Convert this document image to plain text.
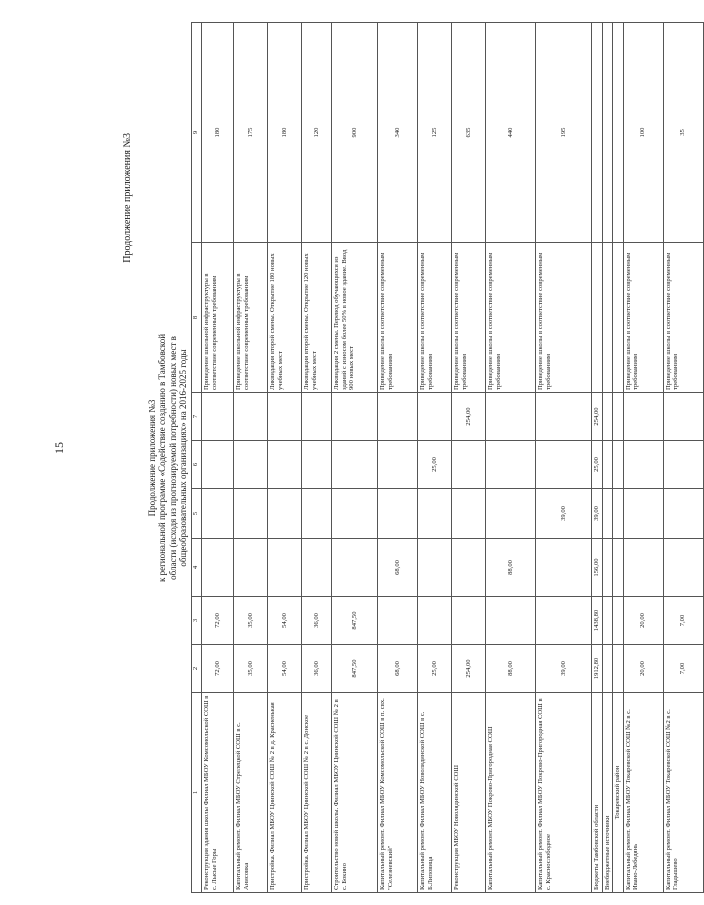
15
Продолжение приложения №3
Продолжение приложения №3 к региональной программе «Содействие созданию в Тамбовской области (исходя из прогнозируемой потребности) новых мест в общеобразовательных организациях» на 2016-2025 годы
1	2	3	4	5	6	7	8	9
Реконструкция здания школы Филиал МБОУ Комсомольской СОШ в с. Лысые Горы	72,00	72,00					Приведение школьной инфраструктуры в соответствие современным требованиям	180
Капитальный ремонт. Филиал МБОУ Стрелецкой СОШ в с. Анисовка	35,00	35,00					Приведение школьной инфраструктуры в соответствие современным требованиям	175
Пристройка. Филиал МБОУ Цнинской СОШ № 2 в д. Красненькая	54,00	54,00					Ликвидация второй смены. Открытие 180 новых учебных мест	180
Пристройка. Филиал МБОУ Цнинской СОШ № 2 в с. Донское	36,00	36,00					Ликвидация второй смены. Открытие 120 новых учебных мест	120
Строительство новой школы. Филиал МБОУ Цнинской СОШ № 2 в с. Бокино	847,50	847,50					Ликвидация 2 смены. Перевод обучающихся из зданий с износом более 50% в новое здание. Ввод 900 новых мест	900
Капитальный ремонт. Филиал МБОУ Комсомольской СОШ в п. свх. "Селезневский"	68,00		68,00				Приведение школы в соответствие современным требованиям	340
Капитальный ремонт. Филиал МБОУ Новолядинской СОШ в с. Б.Липовица	25,00				25,00		Приведение школы в соответствие современным требованиям	125
Реконструкция МБОУ Новолядинской СОШ	254,00					254,00	Приведение школы в соответствие современным требованиям	635
Капитальный ремонт. МБОУ Покрово-Пригородная СОШ	88,00		88,00				Приведение школы в соответствие современным требованиям	440
Капитальный ремонт. Филиал МБОУ Покрово-Пригородная СОШ в с. Краснослободное	39,00			39,00			Приведение школы в соответствие современным требованиям	195
Бюджеты Тамбовской области	1912,80	1438,80	156,00	39,00	25,00	254,00		
Внебюджетные источники								
Токаревский район								
Капитальный ремонт. Филиал МБОУ Токаревской СОШ №2 в с. Ивано-Лебедянь	20,00	20,00					Приведение школы в соответствие современным требованиям	100
Капитальный ремонт. Филиал МБОУ Токаревской СОШ №2 в с. Гладышево	7,00	7,00					Приведение школы в соответствие современным требованиям	35
